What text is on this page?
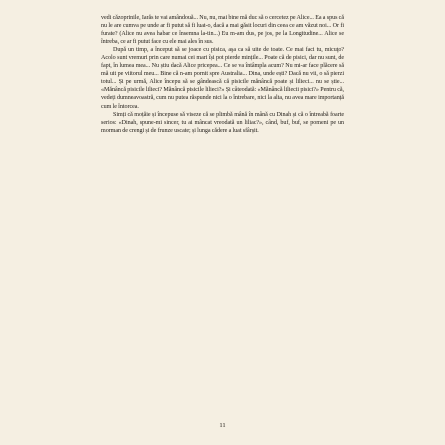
vedi căzoprinile, Iarăs te vai amândouă... Nu, nu, mai bine mă duc să o cercetez pe Alice... Ea a spus că nu le are cumva pe unde ar fi putut să fi luat-o, dacă a mai găsit locuri din ceea ce am văzut noi... Or fi furate? (Alice nu avea habar ce însemna la-tin...) Eu m-am dus, pe jos, pe la Longitudine... Alice se întreba, ce ar fi putut face cu ele mai ales în sus.

După un timp, a început să se joace cu pisica, aşa ca să uite de toate. Ce mai faci tu, micuţo? Acolo sunt vremuri prin care numai cei mari își pot pierde mințile... Poate că de pisici, dar nu sunt, de fapt, în lumea mea... Nu știu dacă Alice pricepea... Ce se va întâmpla acum? Nu mi-ar face plăcere să mă uit pe viitorul meu... Bine că n-am pornit spre Australia... Dina, unde ești? Dacă nu vii, o să pierzi totul... Și pe urmă, Alice începu să se gândească că pisicile mănâncă poate și lilieci... nu se știe... «Mănâncă pisicile lilieci? Mănâncă pisicile lilieci?» Și câteodată: «Mănâncă liliecii pisici?» Pentru că, vedeți dumneavoastră, cum nu putea răspunde nici la o întrebare, nici la alta, nu avea mare importanță cum le întorcea.

Simți că moțăie și începuse să viseze că se plimbă mână în mână cu Dinah și că o întreabă foarte serios: «Dinah, spune-mi sincer, tu ai mâncat vreodată un liliac?», când, buf, buf, se pomeni pe un morman de crengi și de frunze uscate; și lunga cădere a luat sfârșit.

11
